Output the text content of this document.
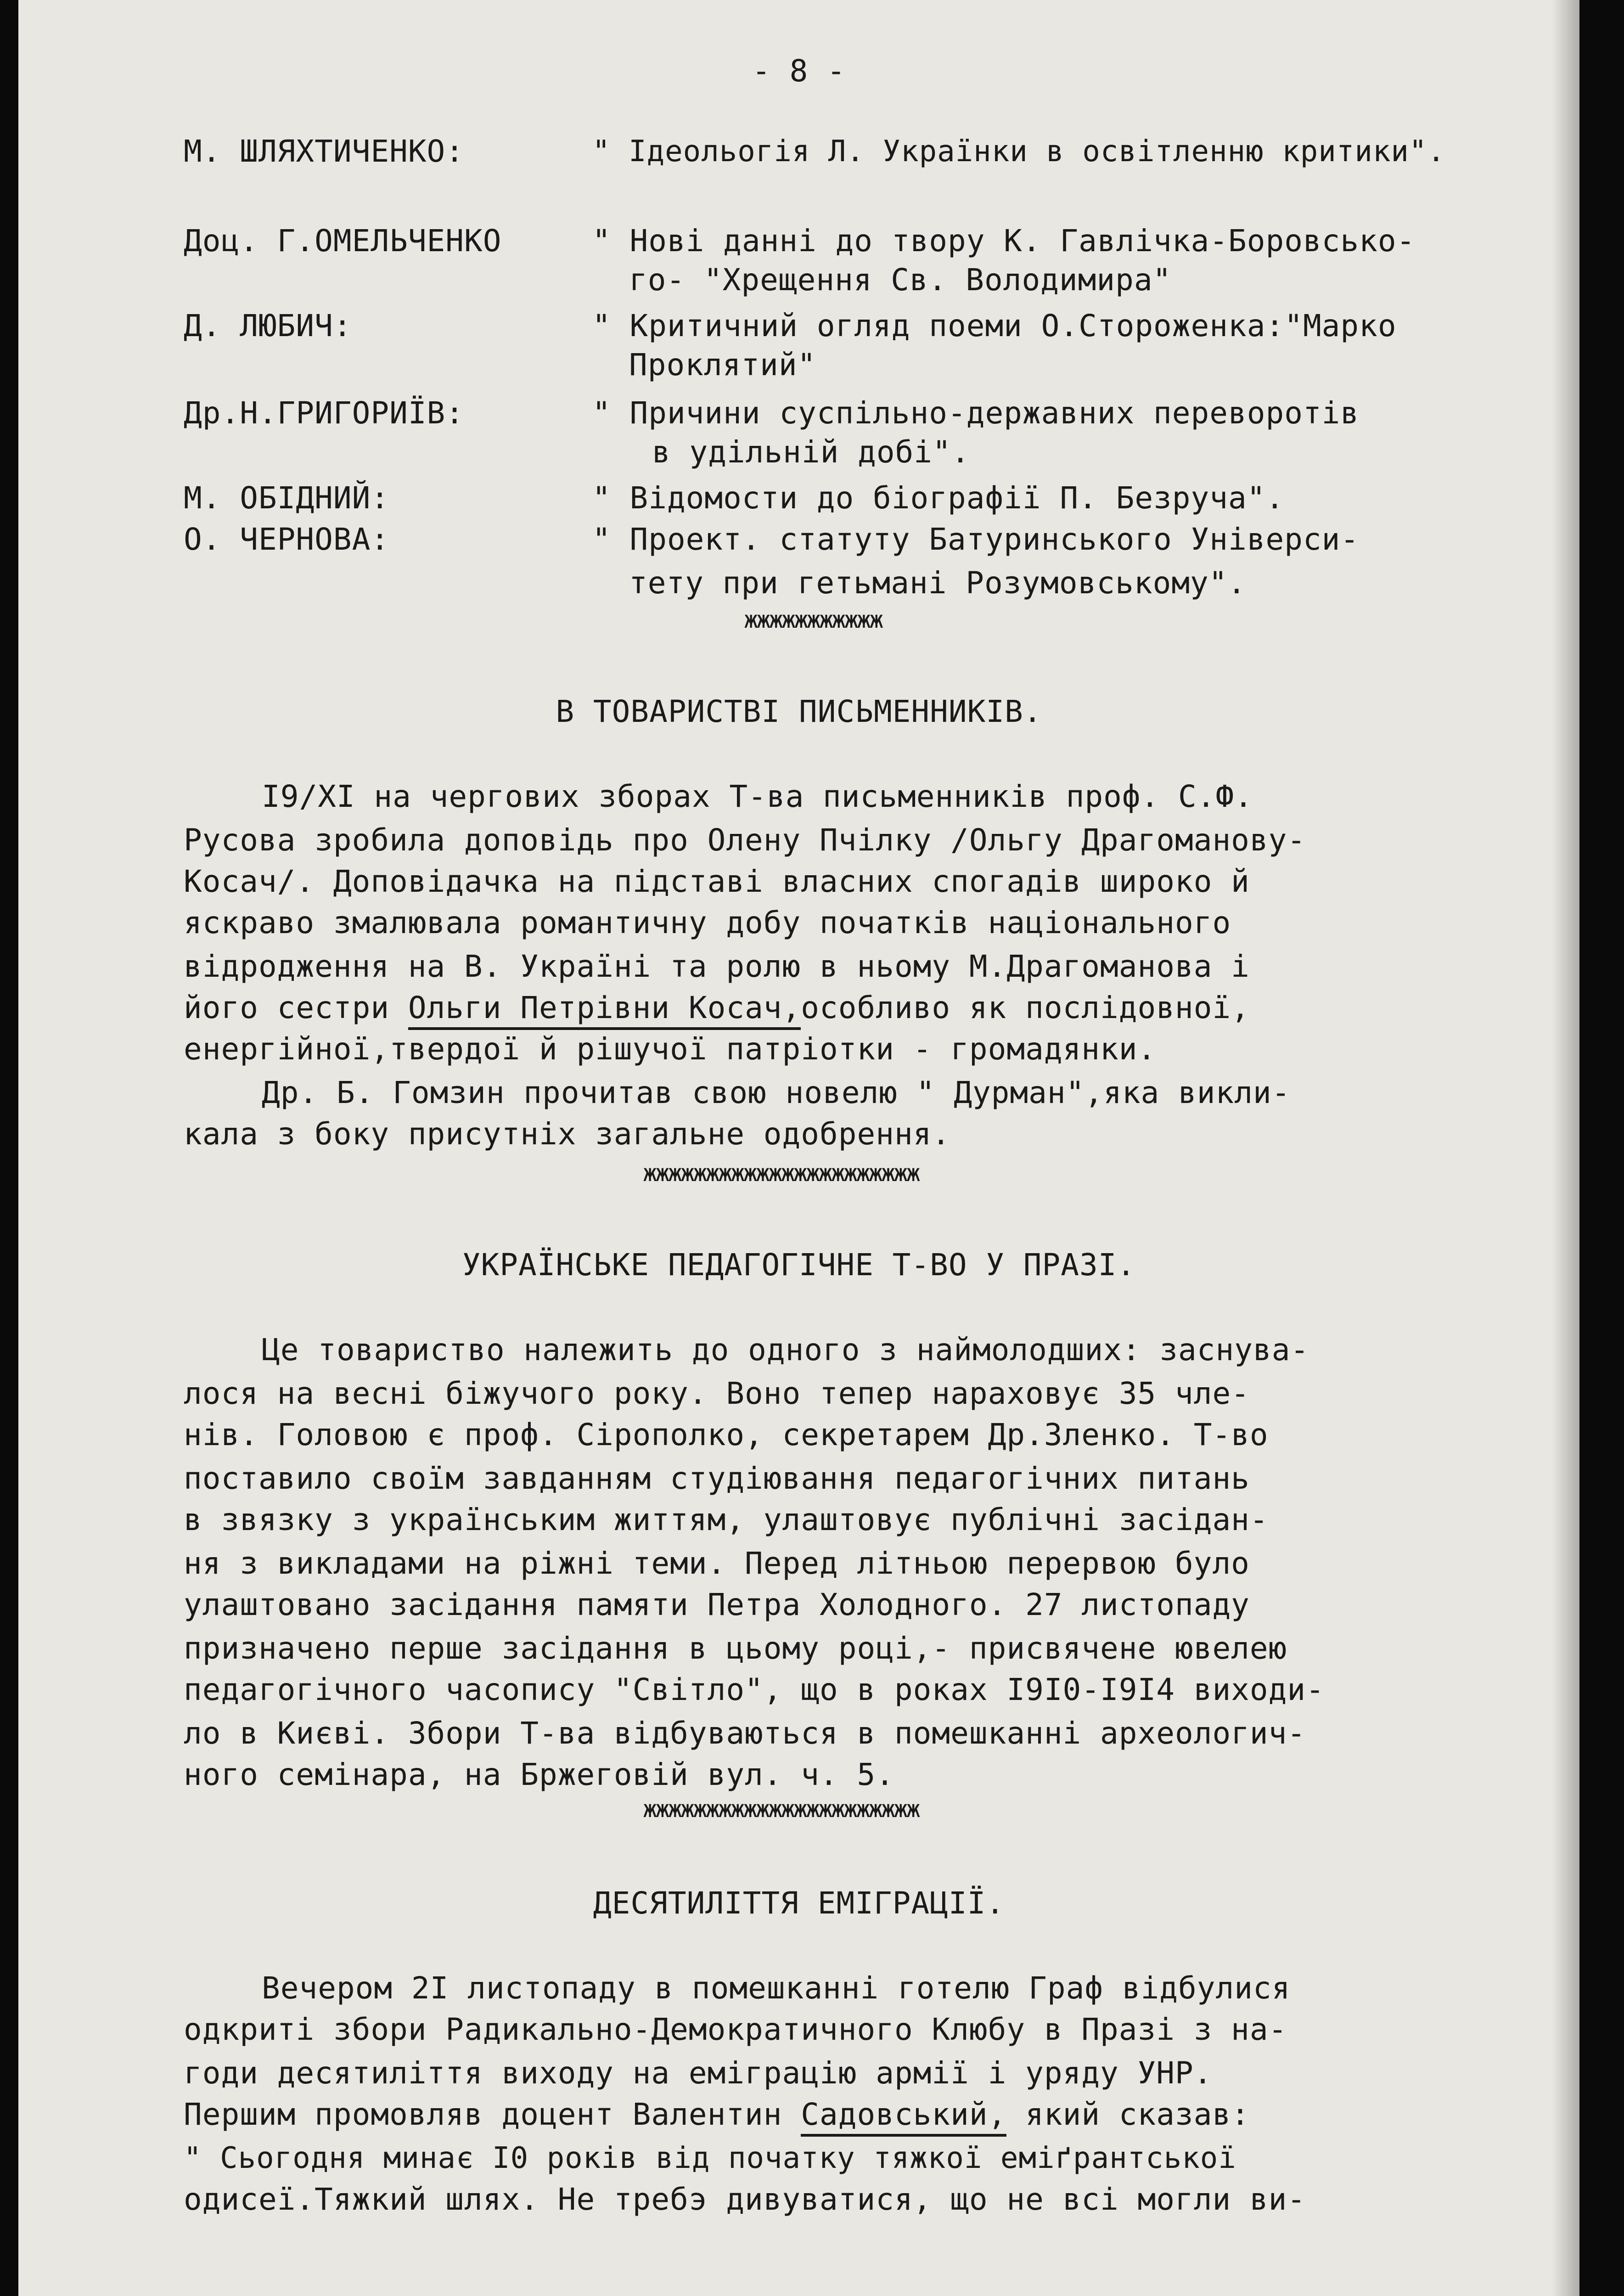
- 8 -
М. ШЛЯХТИЧЕНКО:	" Ідеольогія Л. Українки в освітленню критики".
Доц. Г.ОМЕЛЬЧЕНКО	" Нові данні до твору К. Гавлічка-Боровсько-
го- "Хрещення Св. Володимира"
Д. ЛЮБИЧ:	" Критичний огляд поеми О.Стороженка:"Марко
Проклятий"
Др.Н.ГРИГОРИЇВ:	" Причини суспільно-державних переворотів
в удільній добі".
М. ОБІДНИЙ:	" Відомости до біографії П. Безруча".
О. ЧЕРНОВА:	" Проект. статуту Батуринського Універси-
тету при гетьмані Розумовському".
жжжжжжжжжжж
В ТОВАРИСТВІ ПИСЬМЕННИКІВ.
I9/XI на чергових зборах Т-ва письменників проф. С.Ф.
Русова зробила доповідь про Олену Пчілку /Ольгу Драгоманову-
Косач/. Доповідачка на підставі власних спогадів широко й
яскраво змалювала романтичну добу початків національного
відродження на В. Україні та ролю в ньому М.Драгоманова і
його сестри Ольги Петрівни Косач,особливо як послідовної,
енергійної,твердої й рішучої патріотки - громадянки.
Др. Б. Гомзин прочитав свою новелю " Дурман",яка викли-
кала з боку присутніх загальне одобрення.
жжжжжжжжжжжжжжжжжжжжжж
УКРАЇНСЬКЕ ПЕДАГОГІЧНЕ Т-ВО У ПРАЗІ.
Це товариство належить до одного з наймолодших: заснува-
лося на весні біжучого року. Воно тепер нараховує 35 чле-
нів. Головою є проф. Сірополко, секретарем Др.Зленко. Т-во
поставило своїм завданням студіювання педагогічних питань
в звязку з українським життям, улаштовує публічні засідан-
ня з викладами на ріжні теми. Перед літньою перервою було
улаштовано засідання памяти Петра Холодного. 27 листопаду
призначено перше засідання в цьому році,- присвячене ювелею
педагогічного часопису "Світло", що в роках I9I0-I9I4 виходи-
ло в Києві. Збори Т-ва відбуваються в помешканні археологич-
ного семінара, на Бржеговій вул. ч. 5.
жжжжжжжжжжжжжжжжжжжжжж
ДЕСЯТИЛІТТЯ ЕМІГРАЦІЇ.
Вечером 2I листопаду в помешканні готелю Граф відбулися
одкриті збори Радикально-Демократичного Клюбу в Празі з на-
годи десятиліття виходу на еміграцію армії і уряду УНР.
Першим промовляв доцент Валентин Садовський, який сказав:
" Сьогодня минає I0 років від початку тяжкої еміґрантської
одисеї.Тяжкий шлях. Не требэ дивуватися, що не всі могли ви-
